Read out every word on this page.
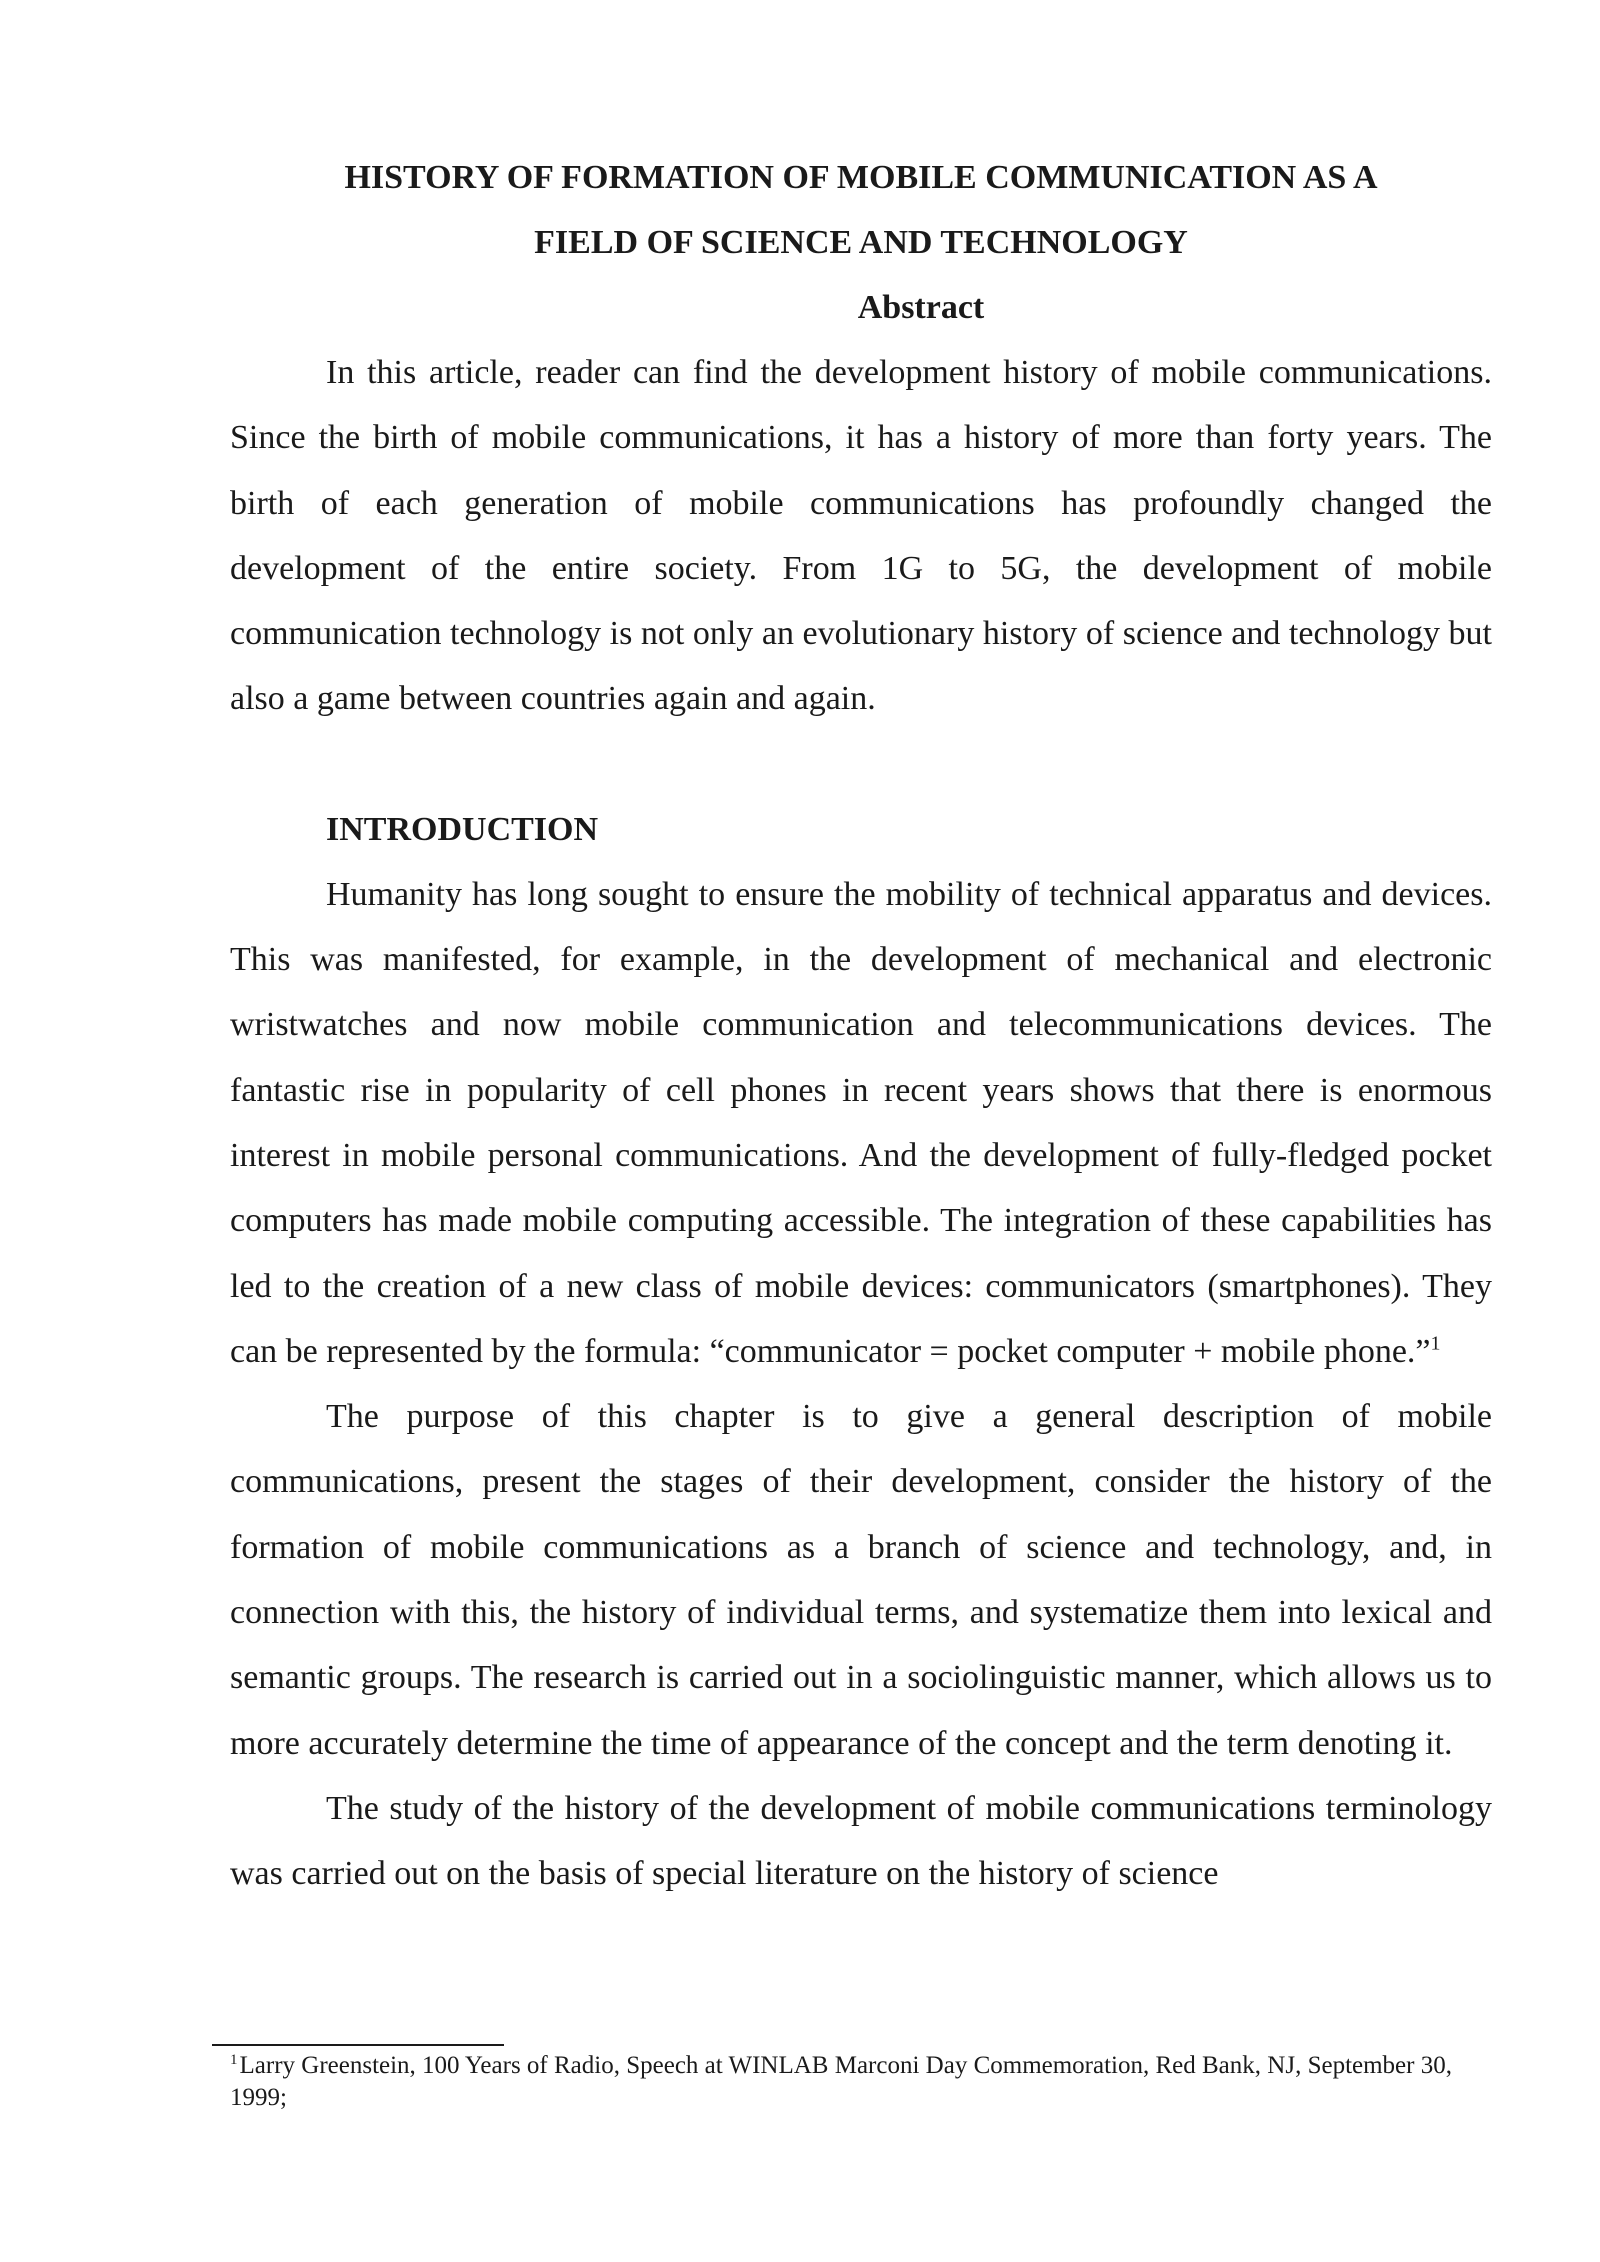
HISTORY OF FORMATION OF MOBILE COMMUNICATION AS A

FIELD OF SCIENCE AND TECHNOLOGY

Abstract

In this article, reader can find the development history of mobile communications. Since the birth of mobile communications, it has a history of more than forty years. The birth of each generation of mobile communications has profoundly changed the development of the entire society. From 1G to 5G, the development of mobile communication technology is not only an evolutionary history of science and technology but also a game between countries again and again.

INTRODUCTION

Humanity has long sought to ensure the mobility of technical apparatus and devices. This was manifested, for example, in the development of mechanical and electronic wristwatches and now mobile communication and telecommunications devices. The fantastic rise in popularity of cell phones in recent years shows that there is enormous interest in mobile personal communications. And the development of fully-fledged pocket computers has made mobile computing accessible. The integration of these capabilities has led to the creation of a new class of mobile devices: communicators (smartphones). They can be represented by the formula: “communicator = pocket computer + mobile phone.”$^1$

The purpose of this chapter is to give a general description of mobile communications, present the stages of their development, consider the history of the formation of mobile communications as a branch of science and technology, and, in connection with this, the history of individual terms, and systematize them into lexical and semantic groups. The research is carried out in a sociolinguistic manner, which allows us to more accurately determine the time of appearance of the concept and the term denoting it.

The study of the history of the development of mobile communications terminology was carried out on the basis of special literature on the history of science

$^1$Larry Greenstein, 100 Years of Radio, Speech at WINLAB Marconi Day Commemoration, Red Bank, NJ, September 30, 1999;
